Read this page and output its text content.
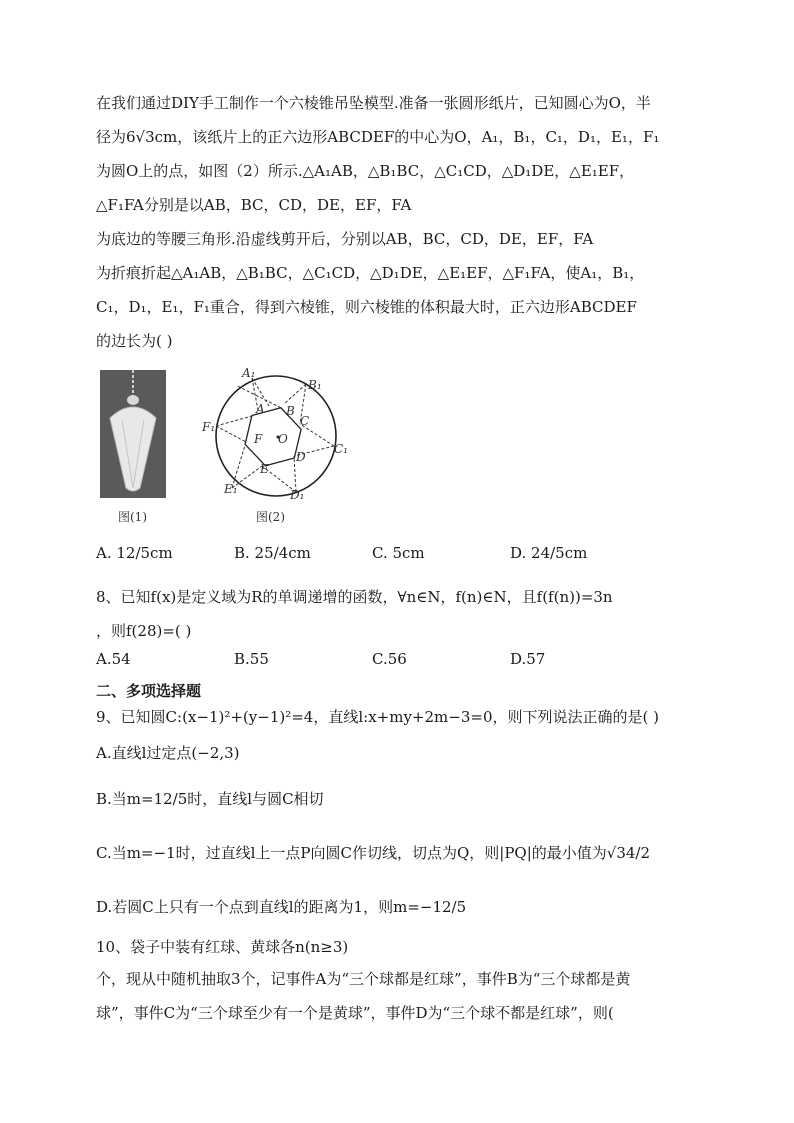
在我们通过DIY手工制作一个六棱锥吊坠模型.准备一张圆形纸片，已知圆心为O，半
径为6√3cm，该纸片上的正六边形ABCDEF的中心为O，A₁，B₁，C₁，D₁，E₁，F₁
为圆O上的点，如图（2）所示.△A₁AB，△B₁BC，△C₁CD，△D₁DE，△E₁EF，
△F₁FA分别是以AB，BC，CD，DE，EF，FA
为底边的等腰三角形.沿虚线剪开后，分别以AB，BC，CD，DE，EF，FA
为折痕折起△A₁AB，△B₁BC，△C₁CD，△D₁DE，△E₁EF，△F₁FA，使A₁，B₁，
C₁，D₁，E₁，F₁重合，得到六棱锥，则六棱锥的体积最大时，正六边形ABCDEF
的边长为( )
图(1)
A₁
B₁
C₁
D₁
E₁
F₁
A B
C
D
E
F O
图(2)
A. 12/5cm	B. 25/4cm	C. 5cm	D. 24/5cm
8、已知f(x)是定义域为R的单调递增的函数，∀n∈N，f(n)∈N，且f(f(n))=3n
，则f(28)=( )
A.54	B.55	C.56	D.57
二、多项选择题
9、已知圆C:(x−1)²+(y−1)²=4，直线l:x+my+2m−3=0，则下列说法正确的是( )
A.直线l过定点(−2,3)
B.当m=12/5时，直线l与圆C相切
C.当m=−1时，过直线l上一点P向圆C作切线，切点为Q，则|PQ|的最小值为√34/2
D.若圆C上只有一个点到直线l的距离为1，则m=−12/5
10、袋子中装有红球、黄球各n(n≥3)
个，现从中随机抽取3个，记事件A为“三个球都是红球”，事件B为“三个球都是黄
球”，事件C为“三个球至少有一个是黄球”，事件D为“三个球不都是红球”，则(
